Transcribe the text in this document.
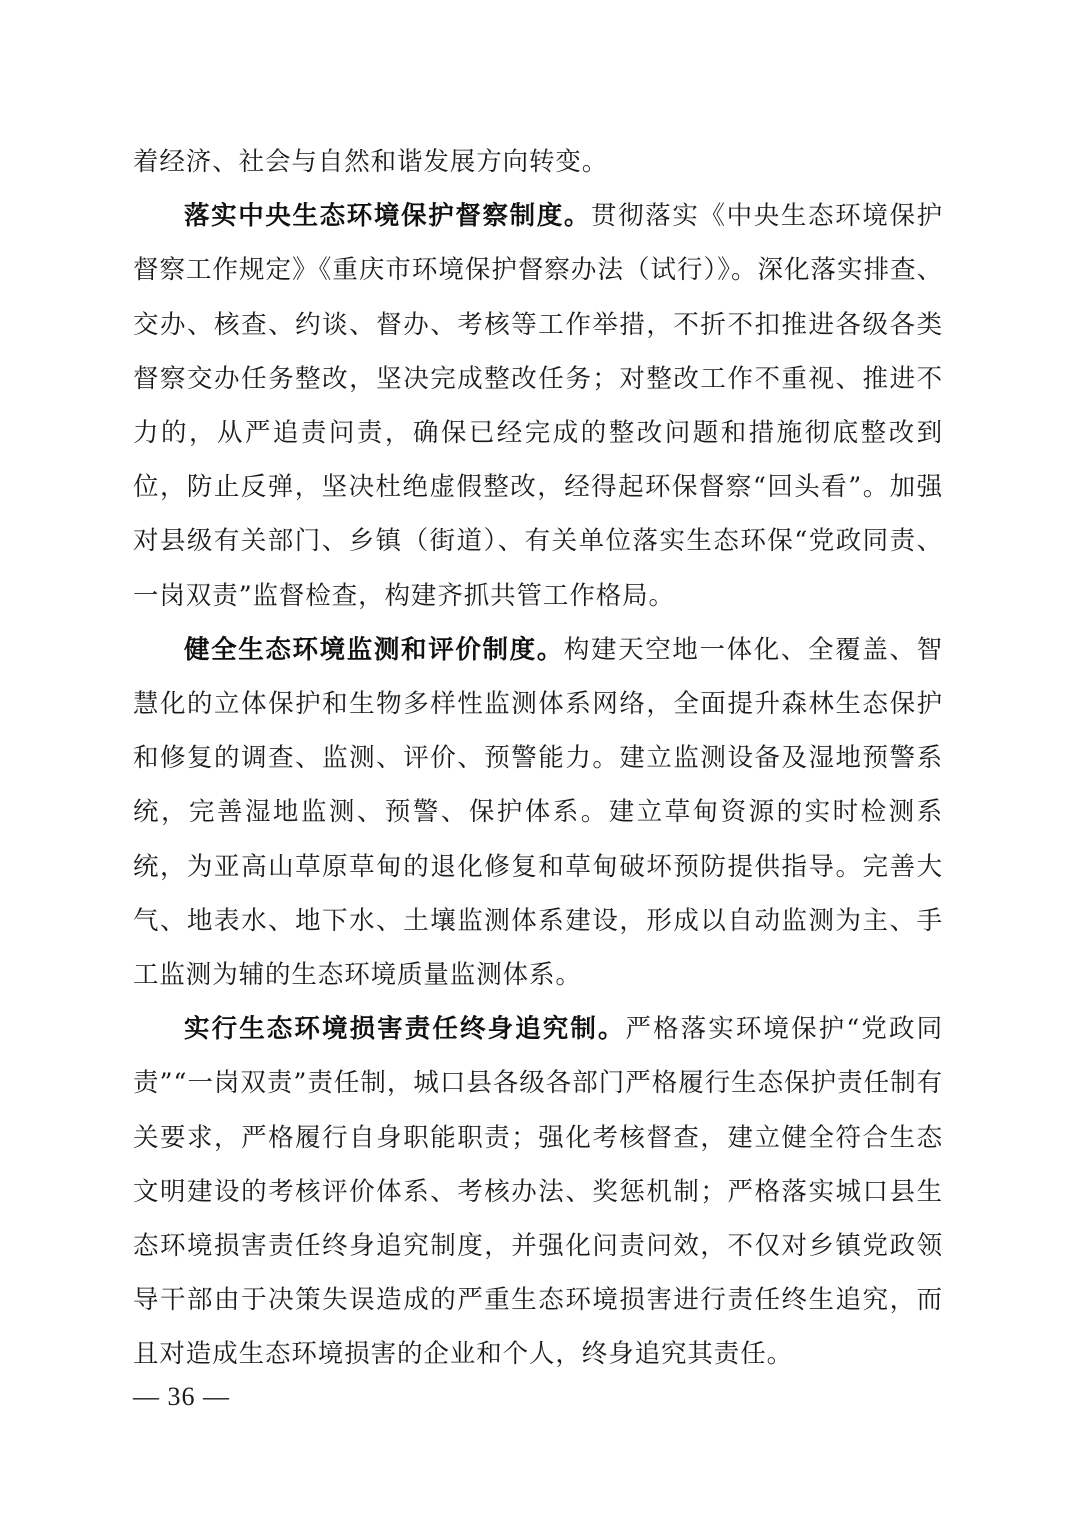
着经济、社会与自然和谐发展方向转变。

落实中央生态环境保护督察制度。贯彻落实《中央生态环境保护督察工作规定》《重庆市环境保护督察办法（试行）》。深化落实排查、交办、核查、约谈、督办、考核等工作举措，不折不扣推进各级各类督察交办任务整改，坚决完成整改任务；对整改工作不重视、推进不力的，从严追责问责，确保已经完成的整改问题和措施彻底整改到位，防止反弹，坚决杜绝虚假整改，经得起环保督察“回头看”。加强对县级有关部门、乡镇（街道）、有关单位落实生态环保“党政同责、一岗双责”监督检查，构建齐抓共管工作格局。

健全生态环境监测和评价制度。构建天空地一体化、全覆盖、智慧化的立体保护和生物多样性监测体系网络，全面提升森林生态保护和修复的调查、监测、评价、预警能力。建立监测设备及湿地预警系统，完善湿地监测、预警、保护体系。建立草甸资源的实时检测系统，为亚高山草原草甸的退化修复和草甸破坏预防提供指导。完善大气、地表水、地下水、土壤监测体系建设，形成以自动监测为主、手工监测为辅的生态环境质量监测体系。

实行生态环境损害责任终身追究制。严格落实环境保护“党政同责”“一岗双责”责任制，城口县各级各部门严格履行生态保护责任制有关要求，严格履行自身职能职责；强化考核督查，建立健全符合生态文明建设的考核评价体系、考核办法、奖惩机制；严格落实城口县生态环境损害责任终身追究制度，并强化问责问效，不仅对乡镇党政领导干部由于决策失误造成的严重生态环境损害进行责任终生追究，而且对造成生态环境损害的企业和个人，终身追究其责任。

— 36 —
